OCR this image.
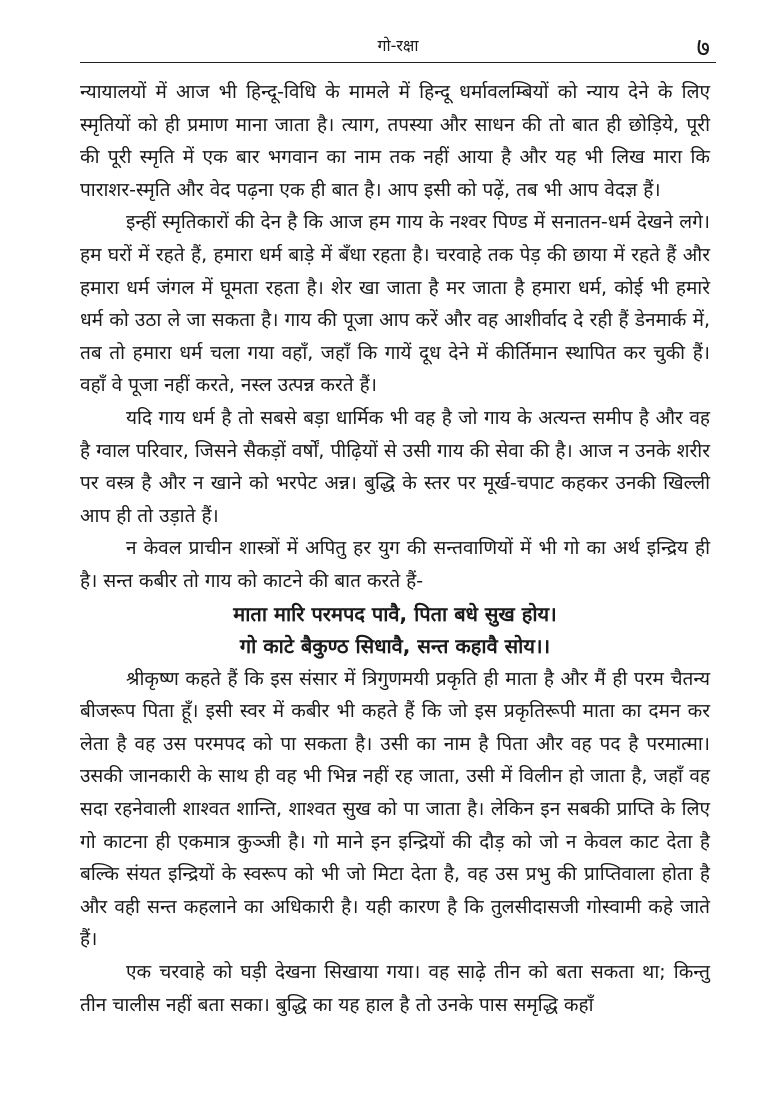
गो-रक्षा	७

न्यायालयों में आज भी हिन्दू-विधि के मामले में हिन्दू धर्मावलम्बियों को न्याय देने के लिए स्मृतियों को ही प्रमाण माना जाता है। त्याग, तपस्या और साधन की तो बात ही छोड़िये, पूरी की पूरी स्मृति में एक बार भगवान का नाम तक नहीं आया है और यह भी लिख मारा कि पाराशर-स्मृति और वेद पढ़ना एक ही बात है। आप इसी को पढ़ें, तब भी आप वेदज्ञ हैं।

इन्हीं स्मृतिकारों की देन है कि आज हम गाय के नश्वर पिण्ड में सनातन-धर्म देखने लगे। हम घरों में रहते हैं, हमारा धर्म बाड़े में बँधा रहता है। चरवाहे तक पेड़ की छाया में रहते हैं और हमारा धर्म जंगल में घूमता रहता है। शेर खा जाता है मर जाता है हमारा धर्म, कोई भी हमारे धर्म को उठा ले जा सकता है। गाय की पूजा आप करें और वह आशीर्वाद दे रही हैं डेनमार्क में, तब तो हमारा धर्म चला गया वहाँ, जहाँ कि गायें दूध देने में कीर्तिमान स्थापित कर चुकी हैं। वहाँ वे पूजा नहीं करते, नस्ल उत्पन्न करते हैं।

यदि गाय धर्म है तो सबसे बड़ा धार्मिक भी वह है जो गाय के अत्यन्त समीप है और वह है ग्वाल परिवार, जिसने सैकड़ों वर्षों, पीढ़ियों से उसी गाय की सेवा की है। आज न उनके शरीर पर वस्त्र है और न खाने को भरपेट अन्न। बुद्धि के स्तर पर मूर्ख-चपाट कहकर उनकी खिल्ली आप ही तो उड़ाते हैं।

न केवल प्राचीन शास्त्रों में अपितु हर युग की सन्तवाणियों में भी गो का अर्थ इन्द्रिय ही है। सन्त कबीर तो गाय को काटने की बात करते हैं-

माता मारि परमपद पावै, पिता बधे सुख होय।
गो काटे बैकुण्ठ सिधावै, सन्त कहावै सोय।।

श्रीकृष्ण कहते हैं कि इस संसार में त्रिगुणमयी प्रकृति ही माता है और मैं ही परम चैतन्य बीजरूप पिता हूँ। इसी स्वर में कबीर भी कहते हैं कि जो इस प्रकृतिरूपी माता का दमन कर लेता है वह उस परमपद को पा सकता है। उसी का नाम है पिता और वह पद है परमात्मा। उसकी जानकारी के साथ ही वह भी भिन्न नहीं रह जाता, उसी में विलीन हो जाता है, जहाँ वह सदा रहनेवाली शाश्वत शान्ति, शाश्वत सुख को पा जाता है। लेकिन इन सबकी प्राप्ति के लिए गो काटना ही एकमात्र कुञ्जी है। गो माने इन इन्द्रियों की दौड़ को जो न केवल काट देता है बल्कि संयत इन्द्रियों के स्वरूप को भी जो मिटा देता है, वह उस प्रभु की प्राप्तिवाला होता है और वही सन्त कहलाने का अधिकारी है। यही कारण है कि तुलसीदासजी गोस्वामी कहे जाते हैं।

एक चरवाहे को घड़ी देखना सिखाया गया। वह साढ़े तीन को बता सकता था; किन्तु तीन चालीस नहीं बता सका। बुद्धि का यह हाल है तो उनके पास समृद्धि कहाँ
